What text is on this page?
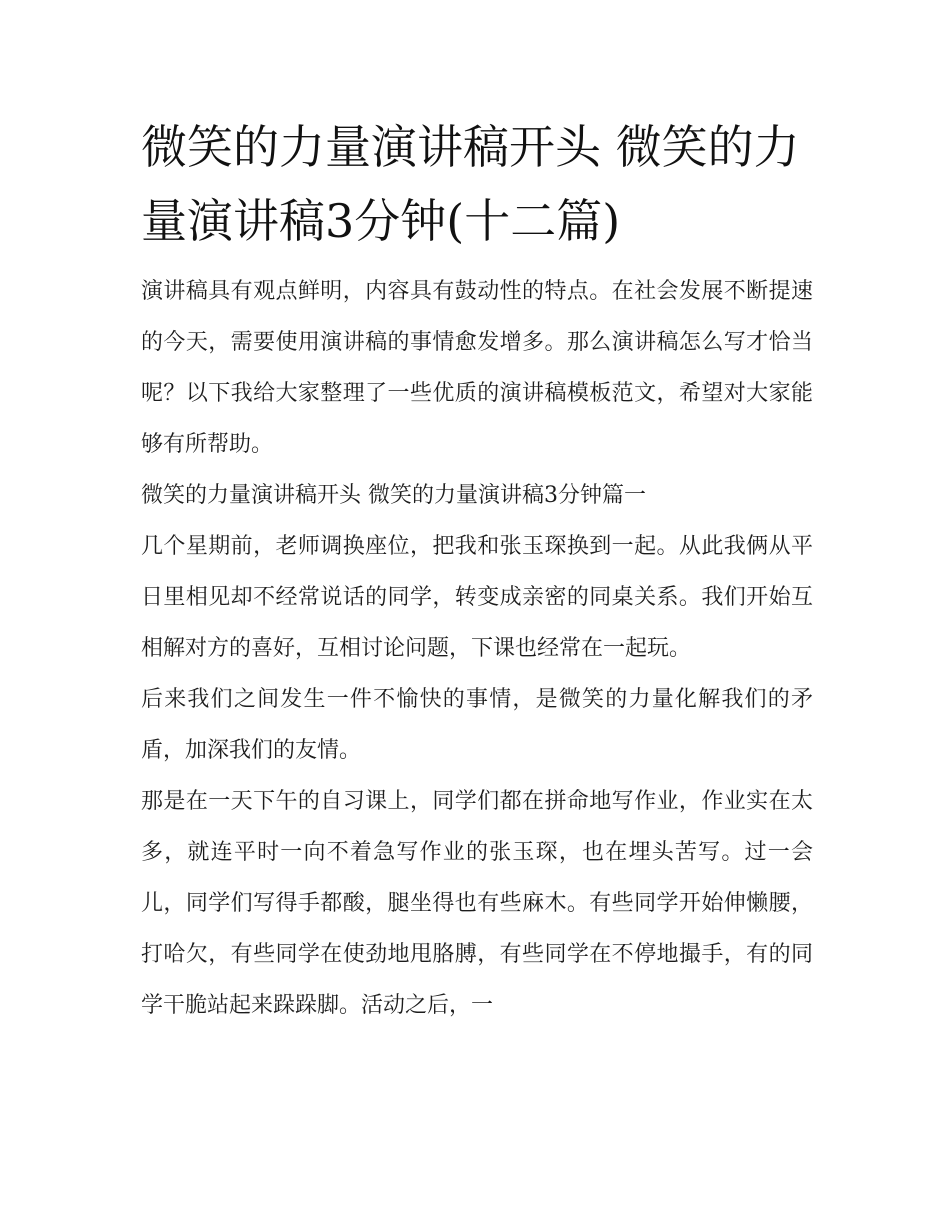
微笑的力量演讲稿开头 微笑的力量演讲稿3分钟(十二篇)

演讲稿具有观点鲜明，内容具有鼓动性的特点。在社会发展不断提速的今天，需要使用演讲稿的事情愈发增多。那么演讲稿怎么写才恰当呢？以下我给大家整理了一些优质的演讲稿模板范文，希望对大家能够有所帮助。

微笑的力量演讲稿开头 微笑的力量演讲稿3分钟篇一

几个星期前，老师调换座位，把我和张玉琛换到一起。从此我俩从平日里相见却不经常说话的同学，转变成亲密的同桌关系。我们开始互相解对方的喜好，互相讨论问题，下课也经常在一起玩。

后来我们之间发生一件不愉快的事情，是微笑的力量化解我们的矛盾，加深我们的友情。

那是在一天下午的自习课上，同学们都在拼命地写作业，作业实在太多，就连平时一向不着急写作业的张玉琛，也在埋头苦写。过一会儿，同学们写得手都酸，腿坐得也有些麻木。有些同学开始伸懒腰，打哈欠，有些同学在使劲地甩胳膊，有些同学在不停地撮手，有的同学干脆站起来跺跺脚。活动之后，一
